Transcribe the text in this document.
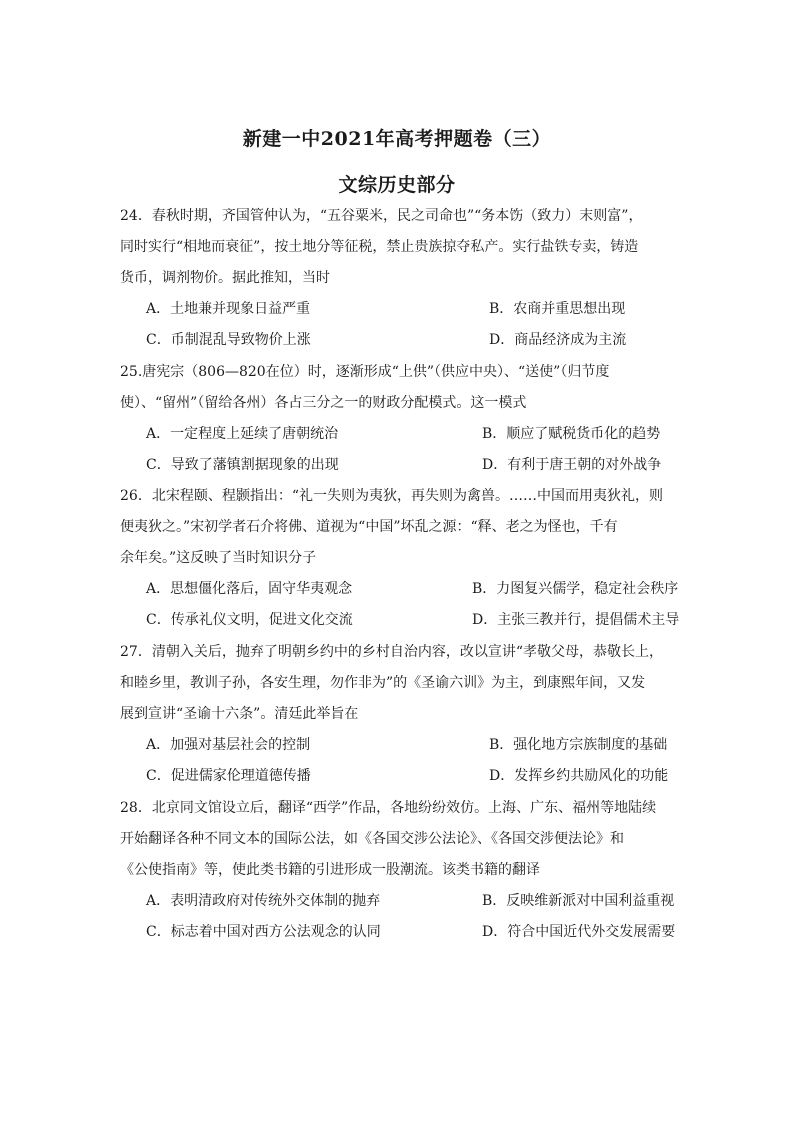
新建一中2021年高考押题卷（三）
文综历史部分
24．春秋时期，齐国管仲认为，“五谷粟米，民之司命也”“务本饬（致力）末则富”，
同时实行“相地而衰征”，按土地分等征税，禁止贵族掠夺私产。实行盐铁专卖，铸造
货币，调剂物价。据此推知，当时
A．土地兼并现象日益严重	B．农商并重思想出现
C．币制混乱导致物价上涨	D．商品经济成为主流
25.唐宪宗（806—820在位）时，逐渐形成“上供”（供应中央）、“送使”（归节度
使）、“留州”（留给各州）各占三分之一的财政分配模式。这一模式
A．一定程度上延续了唐朝统治	B．顺应了赋税货币化的趋势
C．导致了藩镇割据现象的出现	D．有利于唐王朝的对外战争
26．北宋程颐、程颢指出：“礼一失则为夷狄，再失则为禽兽。……中国而用夷狄礼，则
便夷狄之。”宋初学者石介将佛、道视为“中国”坏乱之源：“释、老之为怪也，千有
余年矣。”这反映了当时知识分子
A．思想僵化落后，固守华夷观念	B．力图复兴儒学，稳定社会秩序
C．传承礼仪文明，促进文化交流	D．主张三教并行，提倡儒术主导
27．清朝入关后，抛弃了明朝乡约中的乡村自治内容，改以宣讲“孝敬父母，恭敬长上，
和睦乡里，教训子孙，各安生理，勿作非为”的《圣谕六训》为主，到康熙年间，又发
展到宣讲“圣谕十六条”。清廷此举旨在
A．加强对基层社会的控制	B．强化地方宗族制度的基础
C．促进儒家伦理道德传播	D．发挥乡约共励风化的功能
28．北京同文馆设立后，翻译“西学”作品，各地纷纷效仿。上海、广东、福州等地陆续
开始翻译各种不同文本的国际公法，如《各国交涉公法论》、《各国交涉便法论》和
《公使指南》等，使此类书籍的引进形成一股潮流。该类书籍的翻译
A．表明清政府对传统外交体制的抛弃	B．反映维新派对中国利益重视
C．标志着中国对西方公法观念的认同	D．符合中国近代外交发展需要
